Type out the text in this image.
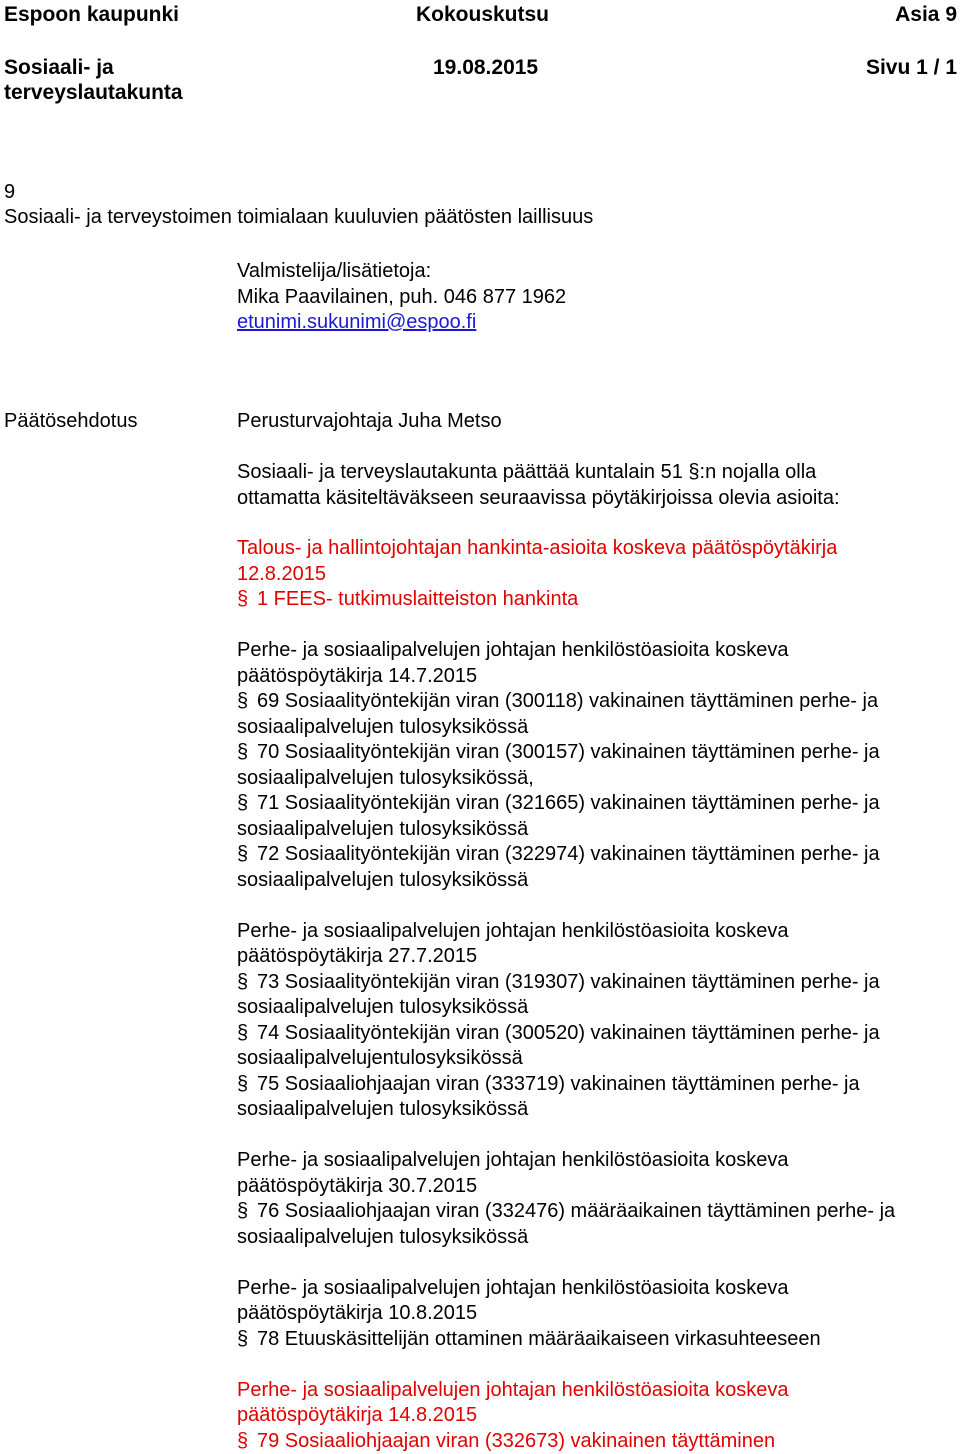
Espoon kaupunki	Kokouskutsu	Asia 9
Sosiaali- ja
terveyslautakunta
19.08.2015	Sivu 1 / 1
9
Sosiaali- ja terveystoimen toimialaan kuuluvien päätösten laillisuus
Valmistelija/lisätietoja:
Mika Paavilainen, puh. 046 877 1962
etunimi.sukunimi@espoo.fi
Päätösehdotus	Perusturvajohtaja Juha Metso
Sosiaali- ja terveyslautakunta päättää kuntalain 51 §:n nojalla olla
ottamatta käsiteltäväkseen seuraavissa pöytäkirjoissa olevia asioita:
Talous- ja hallintojohtajan hankinta-asioita koskeva päätöspöytäkirja
12.8.2015
§ 1 FEES- tutkimuslaitteiston hankinta
Perhe- ja sosiaalipalvelujen johtajan henkilöstöasioita koskeva
päätöspöytäkirja 14.7.2015
§ 69 Sosiaalityöntekijän viran (300118) vakinainen täyttäminen perhe- ja
sosiaalipalvelujen tulosyksikössä
§ 70 Sosiaalityöntekijän viran (300157) vakinainen täyttäminen perhe- ja
sosiaalipalvelujen tulosyksikössä,
§ 71 Sosiaalityöntekijän viran (321665) vakinainen täyttäminen perhe- ja
sosiaalipalvelujen tulosyksikössä
§ 72 Sosiaalityöntekijän viran (322974) vakinainen täyttäminen perhe- ja
sosiaalipalvelujen tulosyksikössä
Perhe- ja sosiaalipalvelujen johtajan henkilöstöasioita koskeva
päätöspöytäkirja 27.7.2015
§ 73 Sosiaalityöntekijän viran (319307) vakinainen täyttäminen perhe- ja
sosiaalipalvelujen tulosyksikössä
§ 74 Sosiaalityöntekijän viran (300520) vakinainen täyttäminen perhe- ja
sosiaalipalvelujentulosyksikössä
§ 75 Sosiaaliohjaajan viran (333719) vakinainen täyttäminen perhe- ja
sosiaalipalvelujen tulosyksikössä
Perhe- ja sosiaalipalvelujen johtajan henkilöstöasioita koskeva
päätöspöytäkirja 30.7.2015
§ 76 Sosiaaliohjaajan viran (332476) määräaikainen täyttäminen perhe- ja
sosiaalipalvelujen tulosyksikössä
Perhe- ja sosiaalipalvelujen johtajan henkilöstöasioita koskeva
päätöspöytäkirja 10.8.2015
§ 78 Etuuskäsittelijän ottaminen määräaikaiseen virkasuhteeseen
Perhe- ja sosiaalipalvelujen johtajan henkilöstöasioita koskeva
päätöspöytäkirja 14.8.2015
§ 79 Sosiaaliohjaajan viran (332673) vakinainen täyttäminen
